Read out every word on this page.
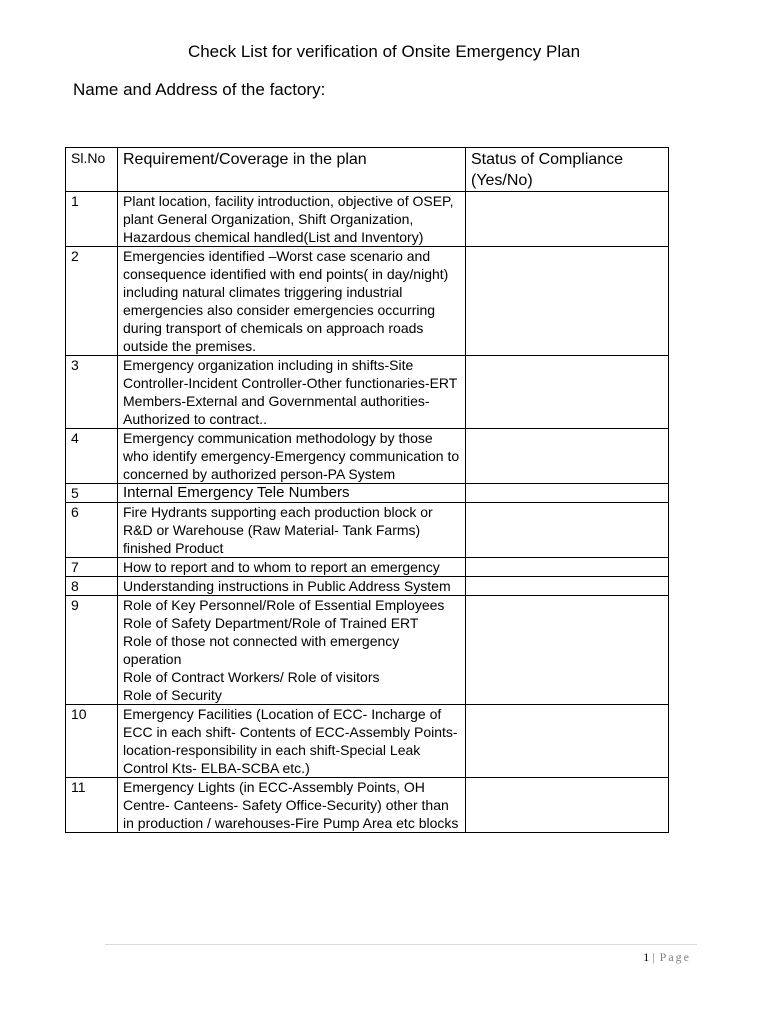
Check List for verification of Onsite Emergency Plan
Name and Address of the factory:
Sl.No	Requirement/Coverage in the plan	Status of Compliance (Yes/No)
1	Plant location, facility introduction, objective of OSEP, plant General Organization, Shift Organization, Hazardous chemical handled(List and Inventory)	
2	Emergencies identified –Worst case scenario and consequence identified with end points( in day/night) including natural climates triggering industrial emergencies also consider emergencies occurring during transport of chemicals on approach roads outside the premises.	
3	Emergency organization including in shifts-Site Controller-Incident Controller-Other functionaries-ERT Members-External and Governmental authorities-Authorized to contract..	
4	Emergency communication methodology by those who identify emergency-Emergency communication to concerned by authorized person-PA System	
5	Internal Emergency Tele Numbers	
6	Fire Hydrants supporting each production block or R&D or Warehouse (Raw Material- Tank Farms) finished Product	
7	How to report and to whom to report an emergency	
8	Understanding instructions in Public Address System	
9	Role of Key Personnel/Role of Essential Employees
Role of Safety Department/Role of Trained ERT
Role of those not connected with emergency operation
Role of Contract Workers/ Role of visitors
Role of Security	
10	Emergency Facilities (Location of ECC- Incharge of ECC in each shift- Contents of ECC-Assembly Points-location-responsibility in each shift-Special Leak Control Kts- ELBA-SCBA etc.)	
11	Emergency Lights (in ECC-Assembly Points, OH Centre- Canteens- Safety Office-Security) other than in production / warehouses-Fire Pump Area etc blocks	
1 | Page
